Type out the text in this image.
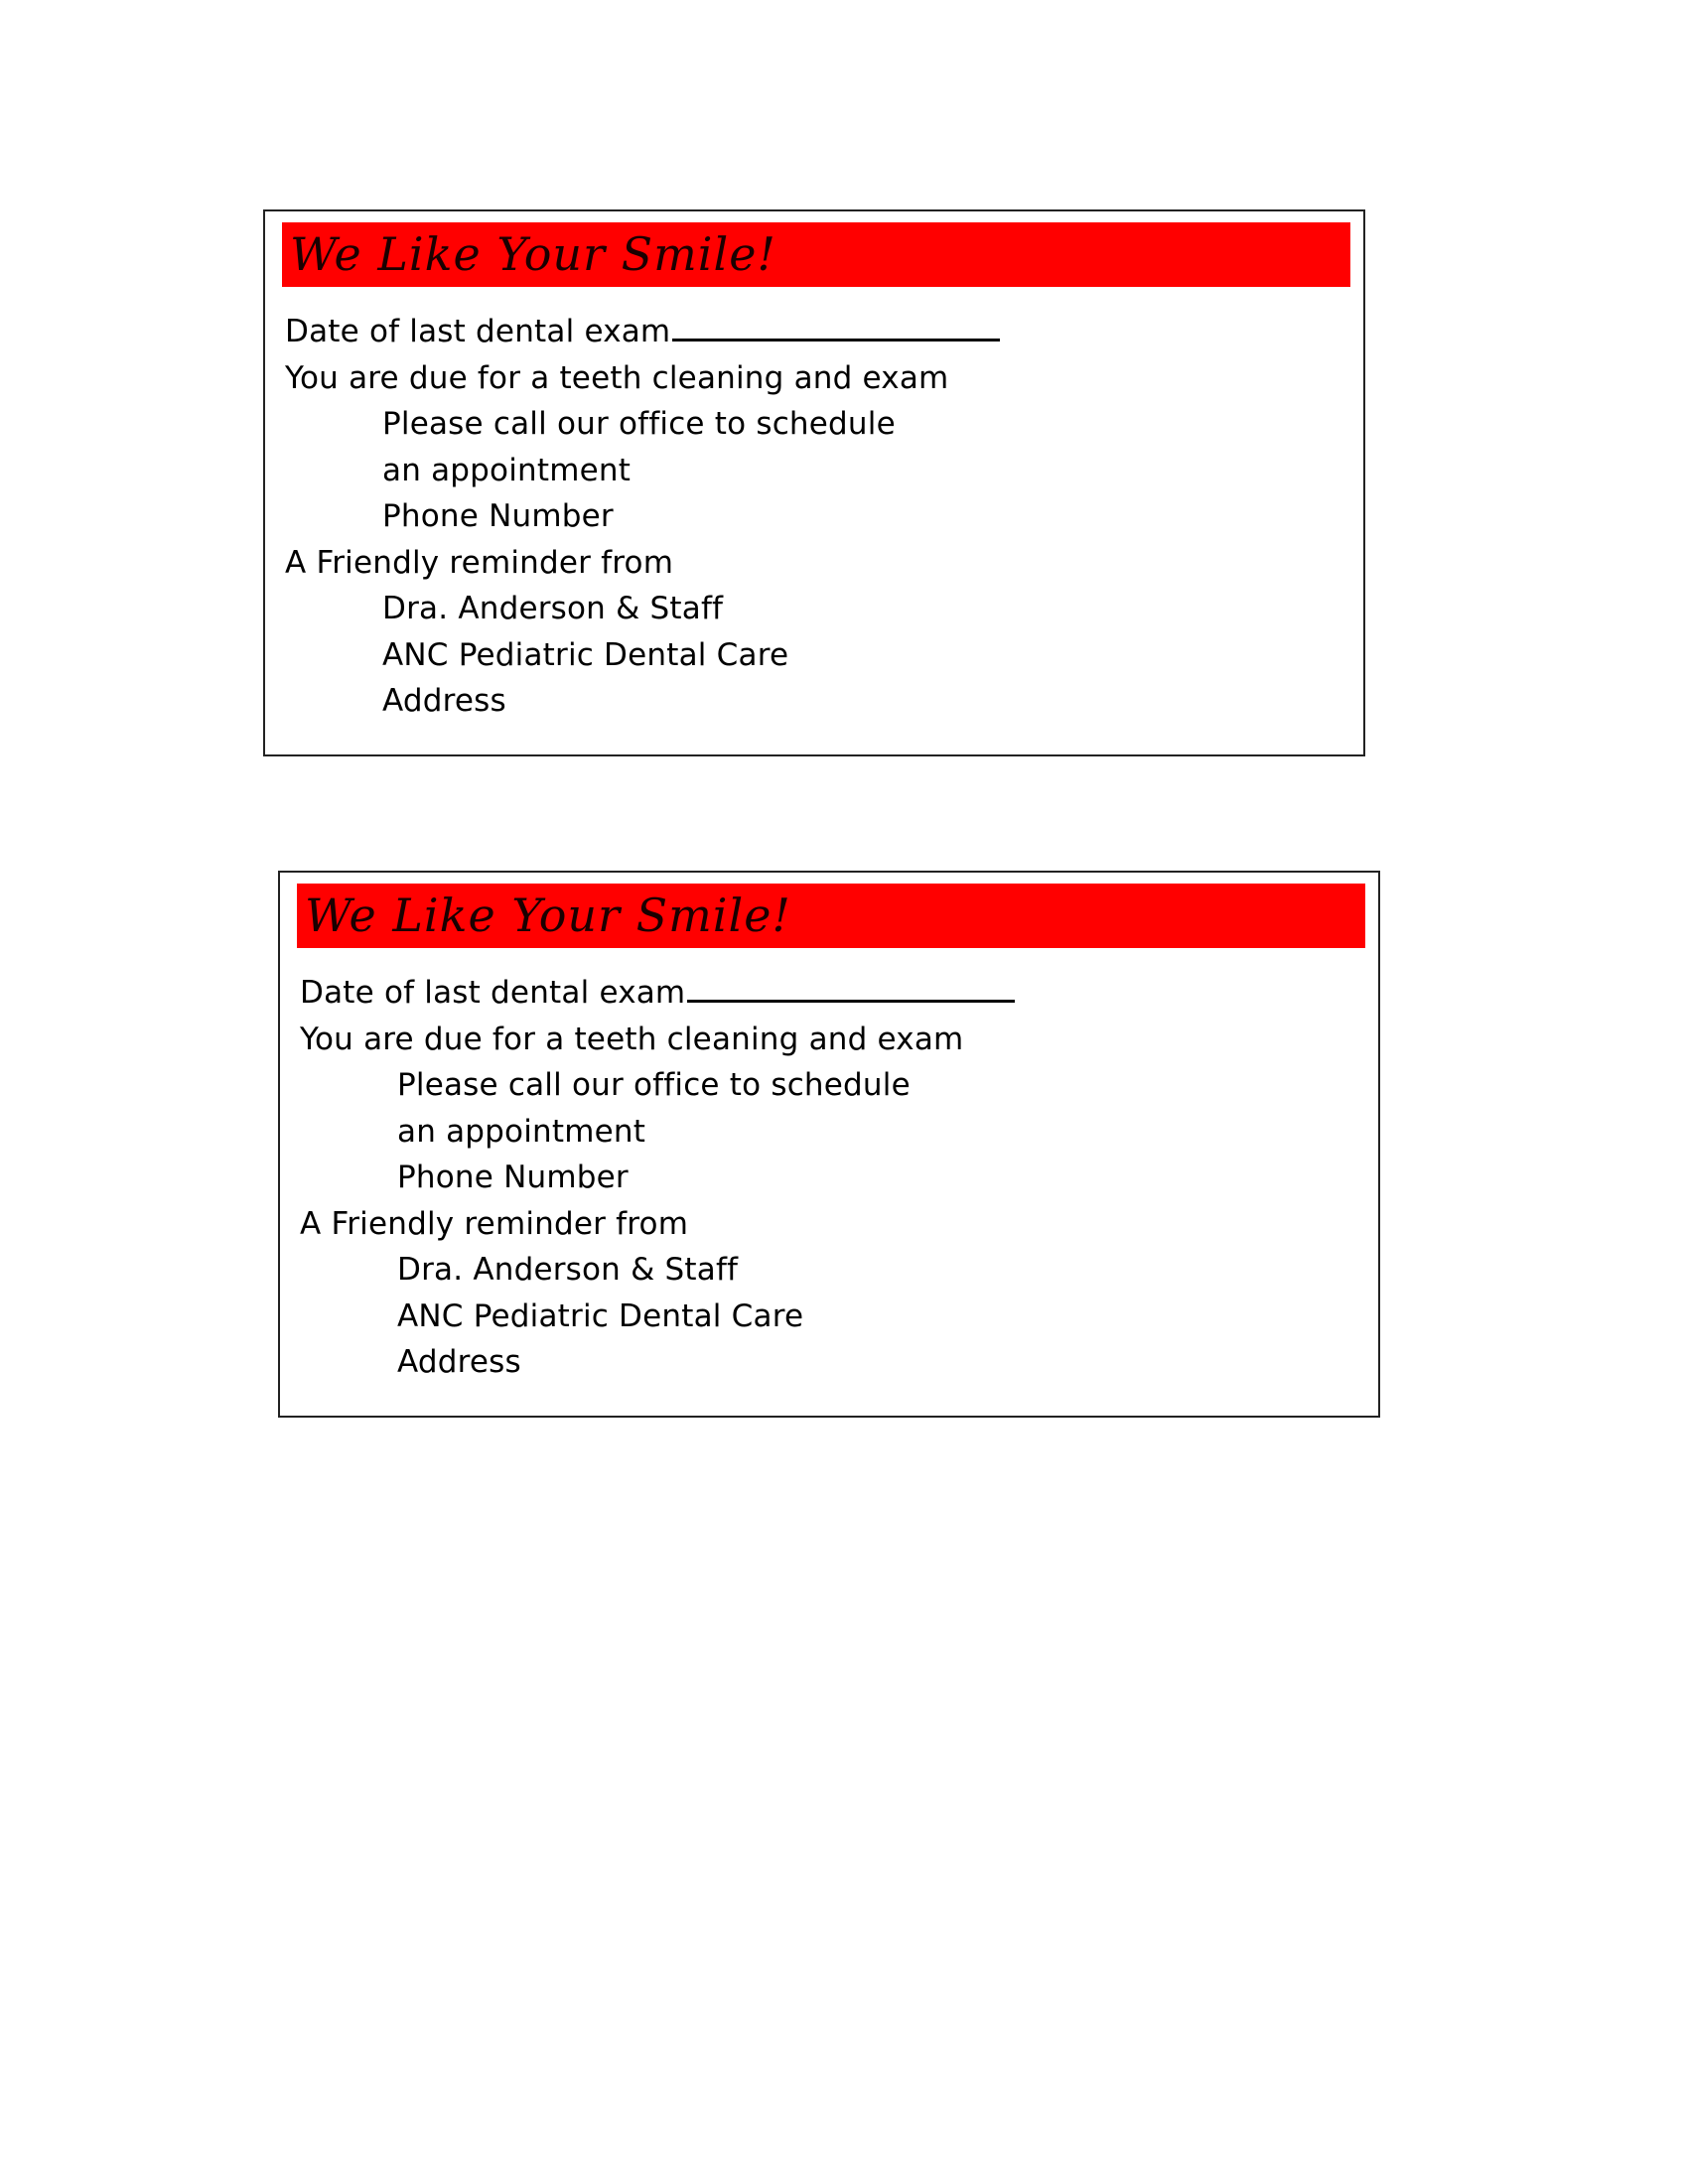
We Like Your Smile!
Date of last dental exam
You are due for a teeth cleaning and exam
Please call our office to schedule
an appointment
Phone Number
A Friendly reminder from
Dra. Anderson & Staff
ANC Pediatric Dental Care
Address
We Like Your Smile!
Date of last dental exam
You are due for a teeth cleaning and exam
Please call our office to schedule
an appointment
Phone Number
A Friendly reminder from
Dra. Anderson & Staff
ANC Pediatric Dental Care
Address
